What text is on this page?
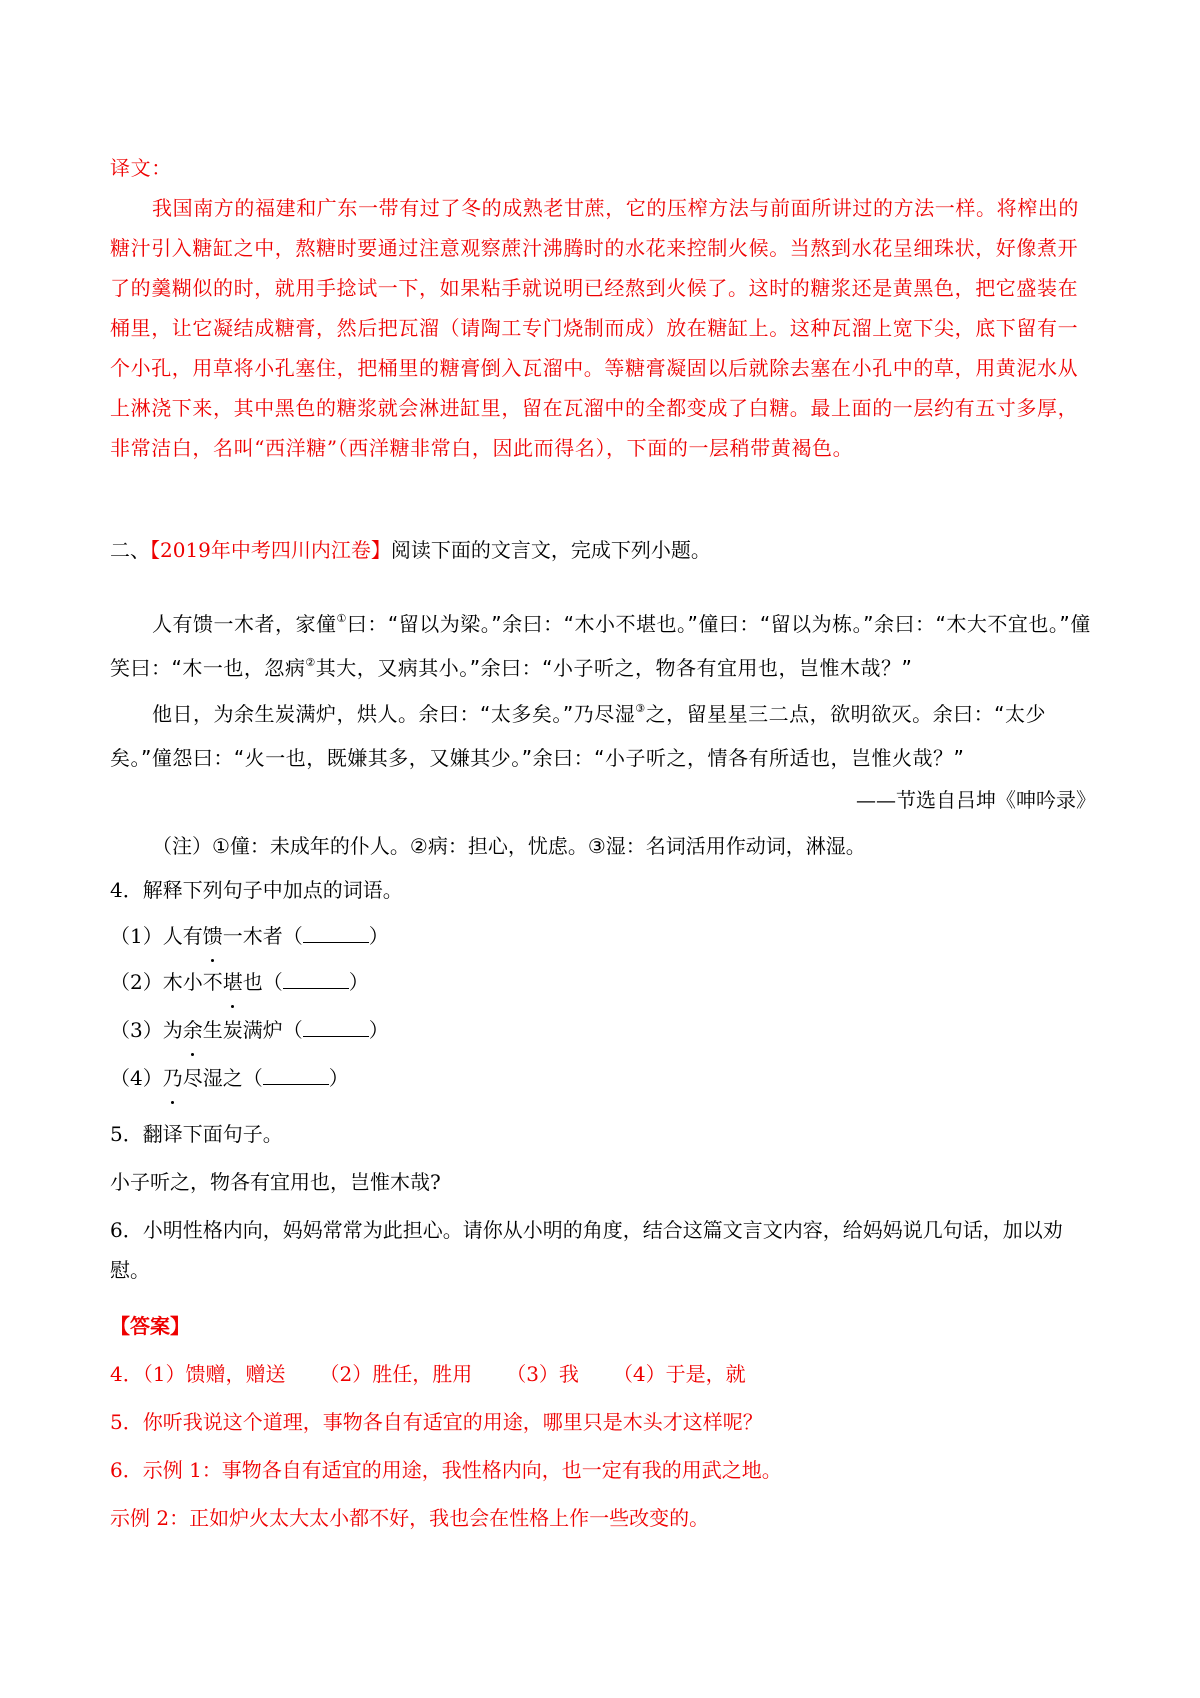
译文：

我国南方的福建和广东一带有过了冬的成熟老甘蔗，它的压榨方法与前面所讲过的方法一样。将榨出的糖汁引入糖缸之中，熬糖时要通过注意观察蔗汁沸腾时的水花来控制火候。当熬到水花呈细珠状，好像煮开了的羹糊似的时，就用手捻试一下，如果粘手就说明已经熬到火候了。这时的糖浆还是黄黑色，把它盛装在桶里，让它凝结成糖膏，然后把瓦溜（请陶工专门烧制而成）放在糖缸上。这种瓦溜上宽下尖，底下留有一个小孔，用草将小孔塞住，把桶里的糖膏倒入瓦溜中。等糖膏凝固以后就除去塞在小孔中的草，用黄泥水从上淋浇下来，其中黑色的糖浆就会淋进缸里，留在瓦溜中的全都变成了白糖。最上面的一层约有五寸多厚，非常洁白，名叫“西洋糖”（西洋糖非常白，因此而得名），下面的一层稍带黄褐色。

二、【2019年中考四川内江卷】阅读下面的文言文，完成下列小题。

人有馈一木者，家僮①曰：“留以为梁。”余曰：“木小不堪也。”僮曰：“留以为栋。”余曰：“木大不宜也。”僮笑曰：“木一也，忽病②其大，又病其小。”余曰：“小子听之，物各有宜用也，岂惟木哉？”

他日，为余生炭满炉，烘人。余曰：“太多矣。”乃尽湿③之，留星星三二点，欲明欲灭。余曰：“太少矣。”僮怨曰：“火一也，既嫌其多，又嫌其少。”余曰：“小子听之，情各有所适也，岂惟火哉？”

——节选自吕坤《呻吟录》
（注）①僮：未成年的仆人。②病：担心，忧虑。③湿：名词活用作动词，淋湿。

4．解释下列句子中加点的词语。

（1）人有馈一木者（	）

（2）木小不堪也（	）

（3）为余生炭满炉（	）

（4）乃尽湿之（	）

5．翻译下面句子。

小子听之，物各有宜用也，岂惟木哉?

6．小明性格内向，妈妈常常为此担心。请你从小明的角度，结合这篇文言文内容，给妈妈说几句话，加以劝慰。

【答案】

4．（1）馈赠，赠送 （2）胜任，胜用 （3）我 （4）于是，就

5．你听我说这个道理，事物各自有适宜的用途，哪里只是木头才这样呢？

6．示例 1：事物各自有适宜的用途，我性格内向，也一定有我的用武之地。

示例 2：正如炉火太大太小都不好，我也会在性格上作一些改变的。
